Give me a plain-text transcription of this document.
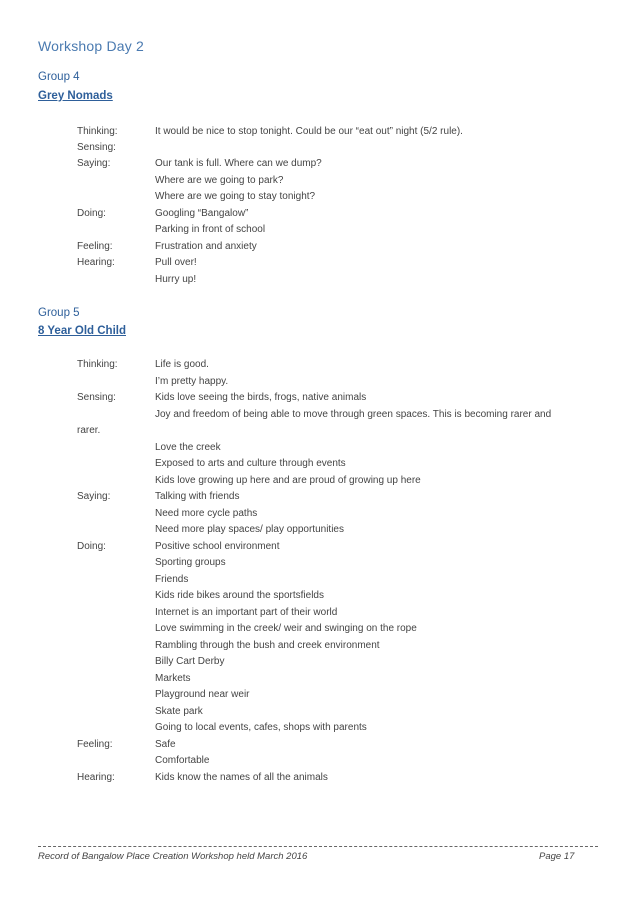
Workshop Day 2
Group 4
Grey Nomads
Thinking:	It would be nice to stop tonight. Could be our “eat out” night (5/2 rule).
Sensing:
Saying:	Our tank is full. Where can we dump?
Where are we going to park?
Where are we going to stay tonight?
Doing:	Googling “Bangalow”
Parking in front of school
Feeling:	Frustration and anxiety
Hearing:	Pull over!
Hurry up!
Group 5
8 Year Old Child
Thinking:	Life is good.
I’m pretty happy.
Sensing:	Kids love seeing the birds, frogs, native animals
Joy and freedom of being able to move through green spaces. This is becoming rarer and
rarer.
Love the creek
Exposed to arts and culture through events
Kids love growing up here and are proud of growing up here
Saying:	Talking with friends
Need more cycle paths
Need more play spaces/ play opportunities
Doing:	Positive school environment
Sporting groups
Friends
Kids ride bikes around the sportsfields
Internet is an important part of their world
Love swimming in the creek/ weir and swinging on the rope
Rambling through the bush and creek environment
Billy Cart Derby
Markets
Playground near weir
Skate park
Going to local events, cafes, shops with parents
Feeling:	Safe
Comfortable
Hearing:	Kids know the names of all the animals
Record of Bangalow Place Creation Workshop held March 2016	Page 17
